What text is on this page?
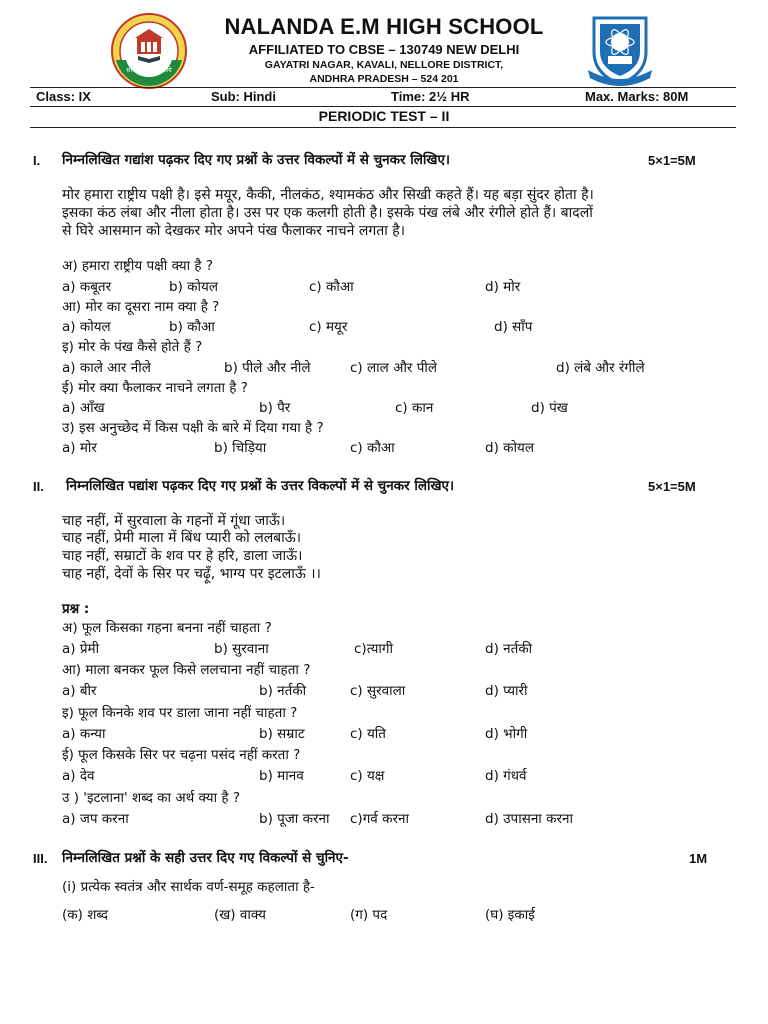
सा विद्या या विमुक्तये
NALANDA E.M HIGH SCHOOL
AFFILIATED TO CBSE – 130749 NEW DELHI
GAYATRI NAGAR, KAVALI, NELLORE DISTRICT,
ANDHRA PRADESH – 524 201
Class: IX	Sub: Hindi	Time: 2½ HR	Max. Marks: 80M
PERIODIC TEST – II
I. निम्नलिखित गद्यांश पढ़कर दिए गए प्रश्नों के उत्तर विकल्पों में से चुनकर लिखिए।	5×1=5M
मोर हमारा राष्ट्रीय पक्षी है। इसे मयूर, कैकी, नीलकंठ, श्यामकंठ और सिखी कहते हैं। यह बड़ा सुंदर होता है।
इसका कंठ लंबा और नीला होता है। उस पर एक कलगी होती है। इसके पंख लंबे और रंगीले होते हैं। बादलों
से घिरे आसमान को देखकर मोर अपने पंख फैलाकर नाचने लगता है।
अ) हमारा राष्ट्रीय पक्षी क्या है ?
a) कबूतर	b) कोयल	c) कौआ	d) मोर
आ) मोर का दूसरा नाम क्या है ?
a) कोयल	b) कौआ	c) मयूर	d) साँप
इ) मोर के पंख कैसे होते हैं ?
a) काले आर नीले	b) पीले और नीले	c) लाल और पीले	d) लंबे और रंगीले
ई) मोर क्या फैलाकर नाचने लगता है ?
a) आँख	b) पैर	c) कान	d) पंख
उ) इस अनुच्छेद में किस पक्षी के बारे में दिया गया है ?
a) मोर	b) चिड़िया	c) कौआ	d) कोयल
II. निम्नलिखित पद्यांश पढ़कर दिए गए प्रश्नों के उत्तर विकल्पों में से चुनकर लिखिए।	5×1=5M
चाह नहीं, में सुरवाला के गहनों में गूंधा जाऊँ।
चाह नहीं, प्रेमी माला में बिंध प्यारी को ललबाऊँ।
चाह नहीं, सम्राटों के शव पर हे हरि, डाला जाऊँ।
चाह नहीं, देवों के सिर पर चढ़ूँ, भाग्य पर इटलाऊँ ।।
प्रश्न :
अ) फूल किसका गहना बनना नहीं चाहता ?
a) प्रेमी	b) सुरवाना	c)त्यागी	d) नर्तकी
आ) माला बनकर फूल किसे ललचाना नहीं चाहता ?
a) बीर	b) नर्तकी	c) सुरवाला	d) प्यारी
इ) फूल किनके शव पर डाला जाना नहीं चाहता ?
a) कन्या	b) सम्राट	c) यति	d) भोगी
ई) फूल किसके सिर पर चढ़ना पसंद नहीं करता ?
a) देव	b) मानव	c) यक्ष	d) गंधर्व
उ ) 'इटलाना' शब्द का अर्थ क्या है ?
a) जप करना	b) पूजा करना c)गर्व करना	d) उपासना करना
III. निम्नलिखित प्रश्नों के सही उत्तर दिए गए विकल्पों से चुनिए-	1M
(i) प्रत्येक स्वतंत्र और सार्थक वर्ण-समूह कहलाता है-
(क) शब्द	(ख) वाक्य	(ग) पद	(घ) इकाई
